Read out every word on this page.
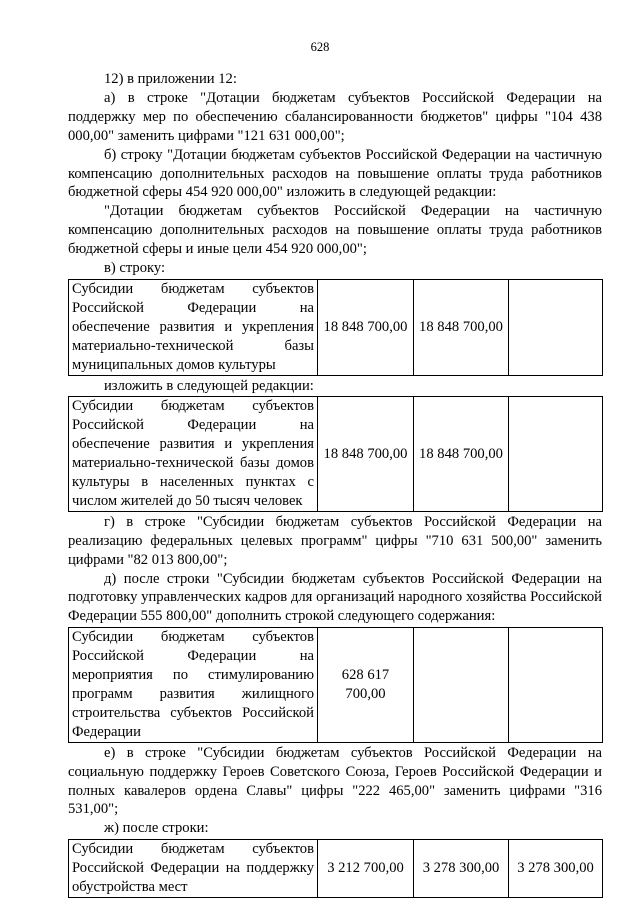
628

12) в приложении 12:

а) в строке "Дотации бюджетам субъектов Российской Федерации на поддержку мер по обеспечению сбалансированности бюджетов" цифры "104 438 000,00" заменить цифрами "121 631 000,00";

б) строку "Дотации бюджетам субъектов Российской Федерации на частичную компенсацию дополнительных расходов на повышение оплаты труда работников бюджетной сферы 454 920 000,00" изложить в следующей редакции:

"Дотации бюджетам субъектов Российской Федерации на частичную компенсацию дополнительных расходов на повышение оплаты труда работников бюджетной сферы и иные цели 454 920 000,00";

в) строку:

Субсидии бюджетам субъектов Российской Федерации на обеспечение развития и укрепления материально-технической базы муниципальных домов культуры	18 848 700,00	18 848 700,00	

изложить в следующей редакции:

Субсидии бюджетам субъектов Российской Федерации на обеспечение развития и укрепления материально-технической базы домов культуры в населенных пунктах с числом жителей до 50 тысяч человек	18 848 700,00	18 848 700,00	

г) в строке "Субсидии бюджетам субъектов Российской Федерации на реализацию федеральных целевых программ" цифры "710 631 500,00" заменить цифрами "82 013 800,00";

д) после строки "Субсидии бюджетам субъектов Российской Федерации на подготовку управленческих кадров для организаций народного хозяйства Российской Федерации 555 800,00" дополнить строкой следующего содержания:

Субсидии бюджетам субъектов Российской Федерации на мероприятия по стимулированию программ развития жилищного строительства субъектов Российской Федерации	628 617 700,00		

е) в строке "Субсидии бюджетам субъектов Российской Федерации на социальную поддержку Героев Советского Союза, Героев Российской Федерации и полных кавалеров ордена Славы" цифры "222 465,00" заменить цифрами "316 531,00";

ж) после строки:

Субсидии бюджетам субъектов Российской Федерации на поддержку обустройства мест	3 212 700,00	3 278 300,00	3 278 300,00
